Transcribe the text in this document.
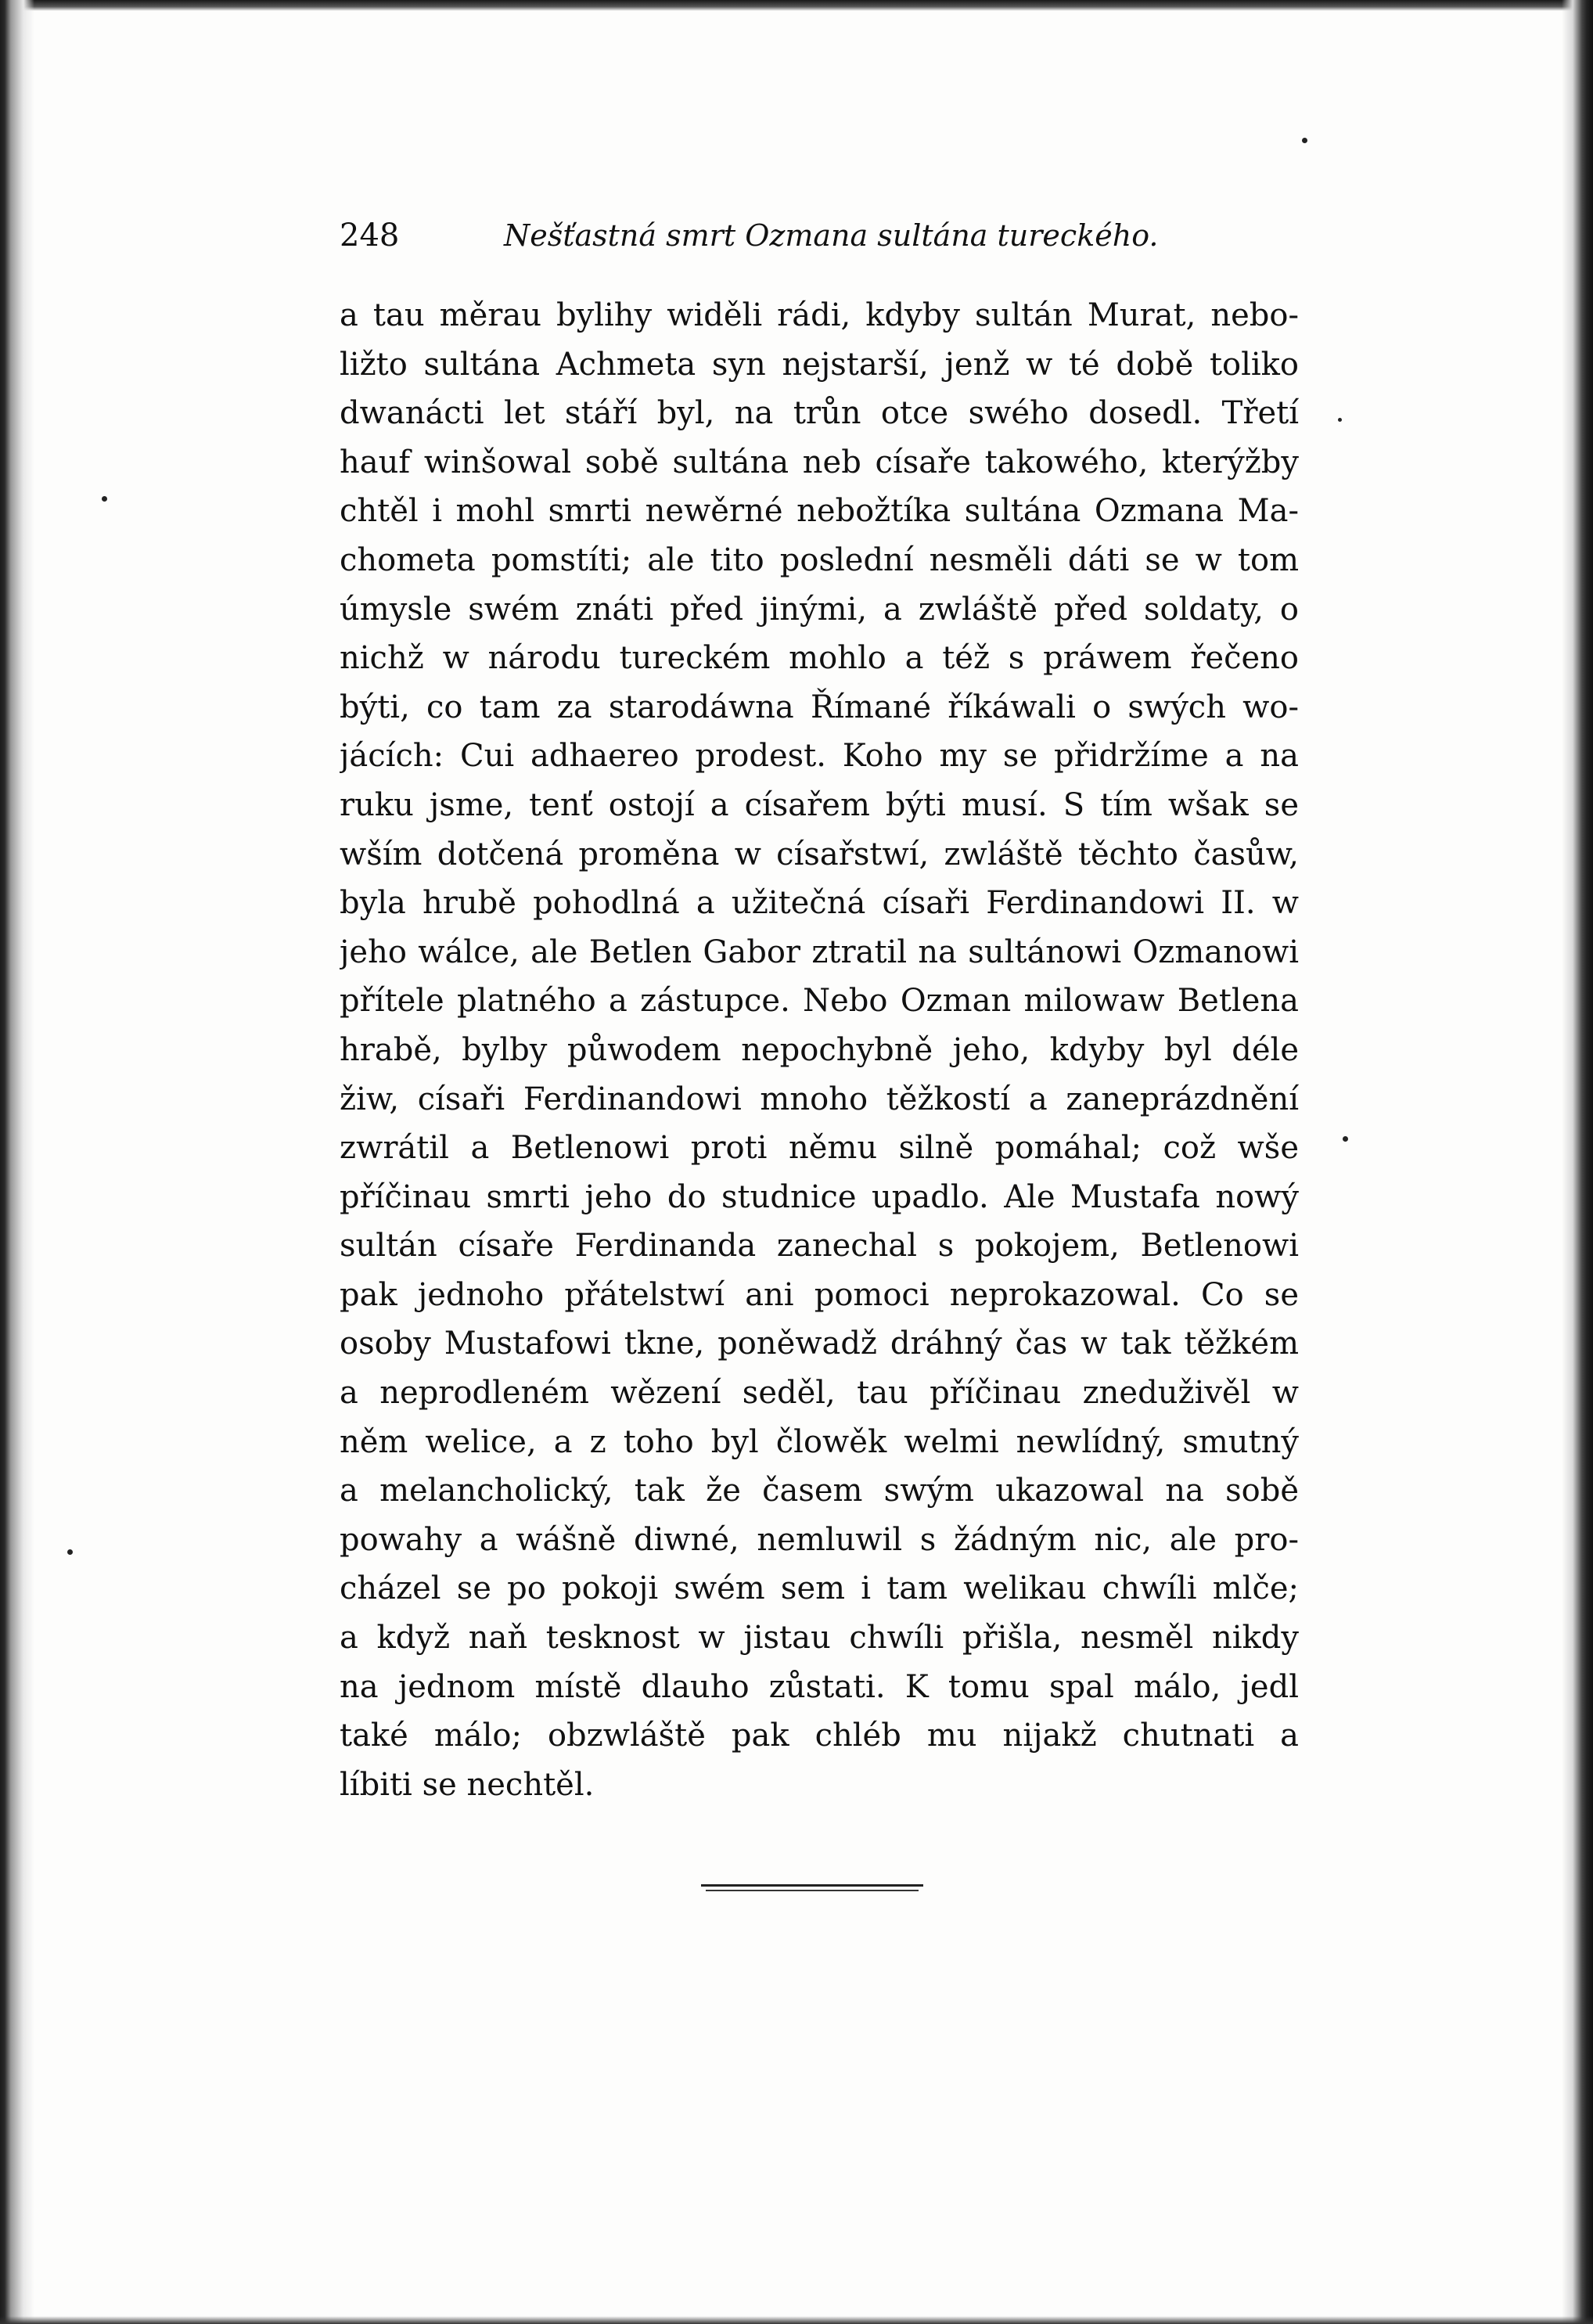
248	Nešťastná smrt Ozmana sultána tureckého.
a tau měrau bylihy widěli rádi, kdyby sultán Murat, nebo-
ližto sultána Achmeta syn nejstarší, jenž w té době toliko
dwanácti let stáří byl, na trůn otce swého dosedl. Třetí
hauf winšowal sobě sultána neb císaře takowého, kterýžby
chtěl i mohl smrti newěrné nebožtíka sultána Ozmana Ma-
chometa pomstíti; ale tito poslední nesměli dáti se w tom
úmysle swém znáti před jinými, a zwláště před soldaty, o
nichž w národu tureckém mohlo a též s práwem řečeno
býti, co tam za starodáwna Římané říkáwali o swých wo-
jácích: Cui adhaereo prodest. Koho my se přidržíme a na
ruku jsme, tenť ostojí a císařem býti musí. S tím wšak se
wším dotčená proměna w císařstwí, zwláště těchto časůw,
byla hrubě pohodlná a užitečná císaři Ferdinandowi II. w
jeho wálce, ale Betlen Gabor ztratil na sultánowi Ozmanowi
přítele platného a zástupce. Nebo Ozman milowaw Betlena
hrabě, bylby půwodem nepochybně jeho, kdyby byl déle
žiw, císaři Ferdinandowi mnoho těžkostí a zaneprázdnění
zwrátil a Betlenowi proti němu silně pomáhal; což wše
příčinau smrti jeho do studnice upadlo. Ale Mustafa nowý
sultán císaře Ferdinanda zanechal s pokojem, Betlenowi
pak jednoho přátelstwí ani pomoci neprokazowal. Co se
osoby Mustafowi tkne, poněwadž dráhný čas w tak těžkém
a neprodleném wězení seděl, tau příčinau zneduživěl w
něm welice, a z toho byl člowěk welmi newlídný, smutný
a melancholický, tak že časem swým ukazowal na sobě
powahy a wášně diwné, nemluwil s žádným nic, ale pro-
cházel se po pokoji swém sem i tam welikau chwíli mlče;
a když naň tesknost w jistau chwíli přišla, nesměl nikdy
na jednom místě dlauho zůstati. K tomu spal málo, jedl
také málo; obzwláště pak chléb mu nijakž chutnati a
líbiti se nechtěl.
